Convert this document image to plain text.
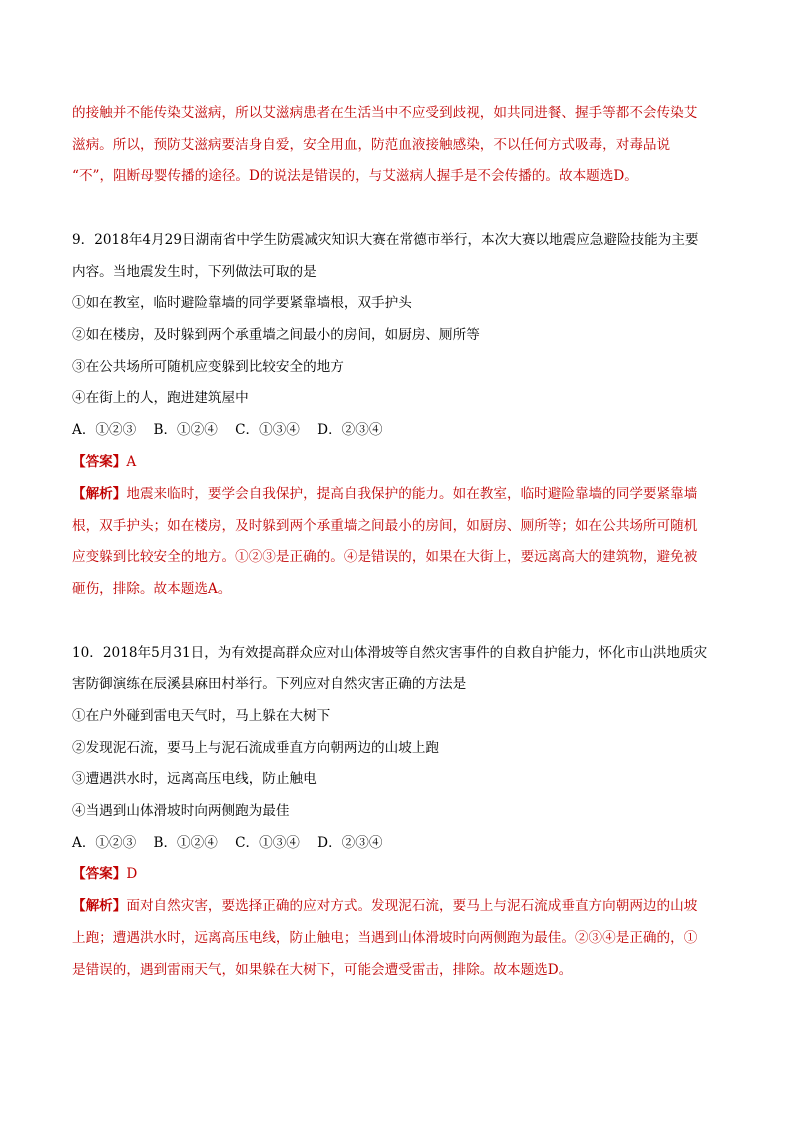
的接触并不能传染艾滋病，所以艾滋病患者在生活当中不应受到歧视，如共同进餐、握手等都不会传染艾
滋病。所以，预防艾滋病要洁身自爱，安全用血，防范血液接触感染，不以任何方式吸毒，对毒品说
“不”，阻断母婴传播的途径。D的说法是错误的，与艾滋病人握手是不会传播的。故本题选D。
9．2018年4月29日湖南省中学生防震减灾知识大赛在常德市举行，本次大赛以地震应急避险技能为主要
内容。当地震发生时，下列做法可取的是
①如在教室，临时避险靠墙的同学要紧靠墙根，双手护头
②如在楼房，及时躲到两个承重墙之间最小的房间，如厨房、厕所等
③在公共场所可随机应变躲到比较安全的地方
④在街上的人，跑进建筑屋中
A．①②③    B．①②④    C．①③④    D．②③④
【答案】A
【解析】地震来临时，要学会自我保护，提高自我保护的能力。如在教室，临时避险靠墙的同学要紧靠墙
根，双手护头；如在楼房，及时躲到两个承重墙之间最小的房间，如厨房、厕所等；如在公共场所可随机
应变躲到比较安全的地方。①②③是正确的。④是错误的，如果在大街上，要远离高大的建筑物，避免被
砸伤，排除。故本题选A。
10．2018年5月31日，为有效提高群众应对山体滑坡等自然灾害事件的自救自护能力，怀化市山洪地质灾
害防御演练在辰溪县麻田村举行。下列应对自然灾害正确的方法是
①在户外碰到雷电天气时，马上躲在大树下
②发现泥石流，要马上与泥石流成垂直方向朝两边的山坡上跑
③遭遇洪水时，远离高压电线，防止触电
④当遇到山体滑坡时向两侧跑为最佳
A．①②③    B．①②④    C．①③④    D．②③④
【答案】D
【解析】面对自然灾害，要选择正确的应对方式。发现泥石流，要马上与泥石流成垂直方向朝两边的山坡
上跑；遭遇洪水时，远离高压电线，防止触电；当遇到山体滑坡时向两侧跑为最佳。②③④是正确的，①
是错误的，遇到雷雨天气，如果躲在大树下，可能会遭受雷击，排除。故本题选D。
